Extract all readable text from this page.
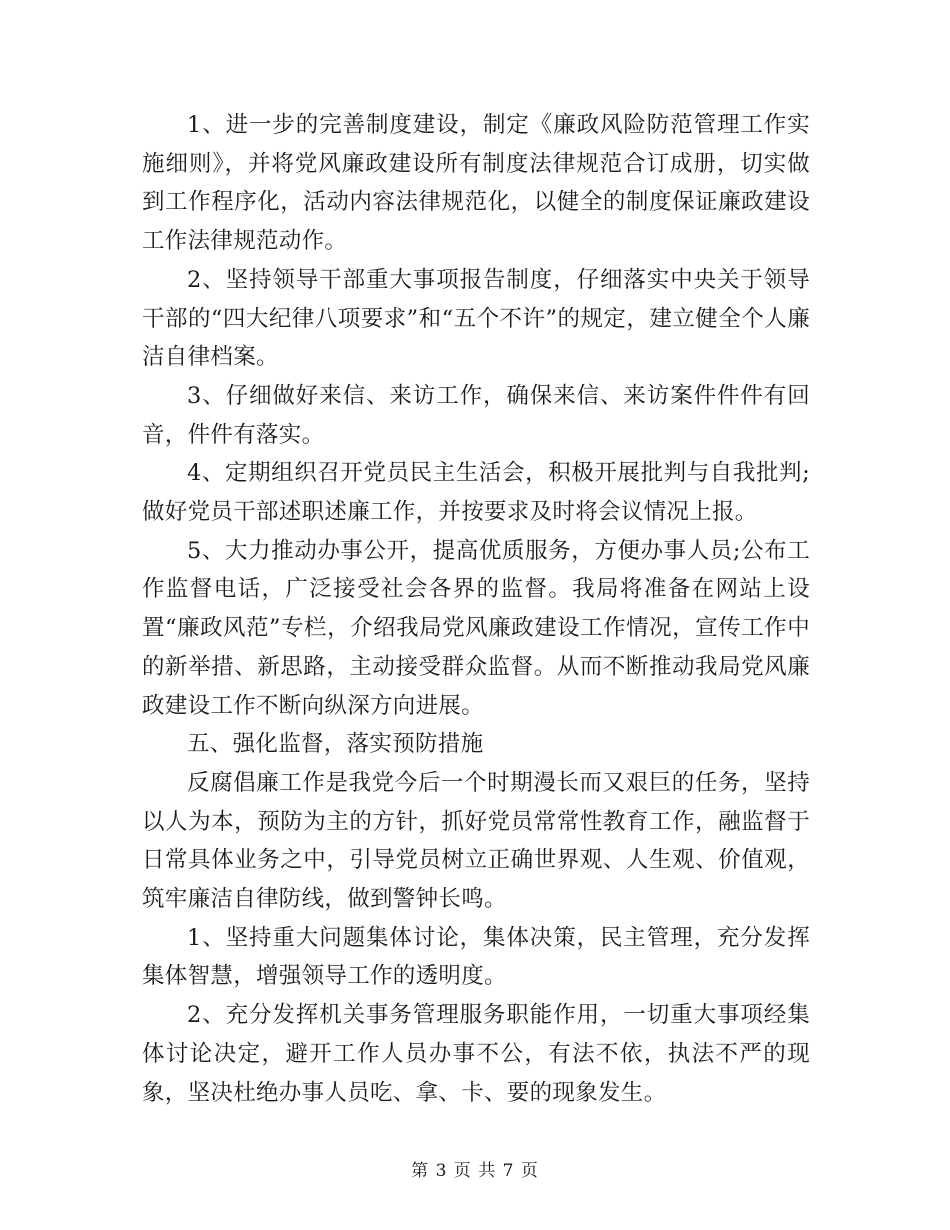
1、进一步的完善制度建设，制定《廉政风险防范管理工作实施细则》，并将党风廉政建设所有制度法律规范合订成册，切实做到工作程序化，活动内容法律规范化，以健全的制度保证廉政建设工作法律规范动作。

2、坚持领导干部重大事项报告制度，仔细落实中央关于领导干部的“四大纪律八项要求”和“五个不许”的规定，建立健全个人廉洁自律档案。

3、仔细做好来信、来访工作，确保来信、来访案件件件有回音，件件有落实。

4、定期组织召开党员民主生活会，积极开展批判与自我批判;做好党员干部述职述廉工作，并按要求及时将会议情况上报。

5、大力推动办事公开，提高优质服务，方便办事人员;公布工作监督电话，广泛接受社会各界的监督。我局将准备在网站上设置“廉政风范”专栏，介绍我局党风廉政建设工作情况，宣传工作中的新举措、新思路，主动接受群众监督。从而不断推动我局党风廉政建设工作不断向纵深方向进展。

五、强化监督，落实预防措施

反腐倡廉工作是我党今后一个时期漫长而又艰巨的任务，坚持以人为本，预防为主的方针，抓好党员常常性教育工作，融监督于日常具体业务之中，引导党员树立正确世界观、人生观、价值观，筑牢廉洁自律防线，做到警钟长鸣。

1、坚持重大问题集体讨论，集体决策，民主管理，充分发挥集体智慧，增强领导工作的透明度。

2、充分发挥机关事务管理服务职能作用，一切重大事项经集体讨论决定，避开工作人员办事不公，有法不依，执法不严的现象，坚决杜绝办事人员吃、拿、卡、要的现象发生。

第 3 页 共 7 页
